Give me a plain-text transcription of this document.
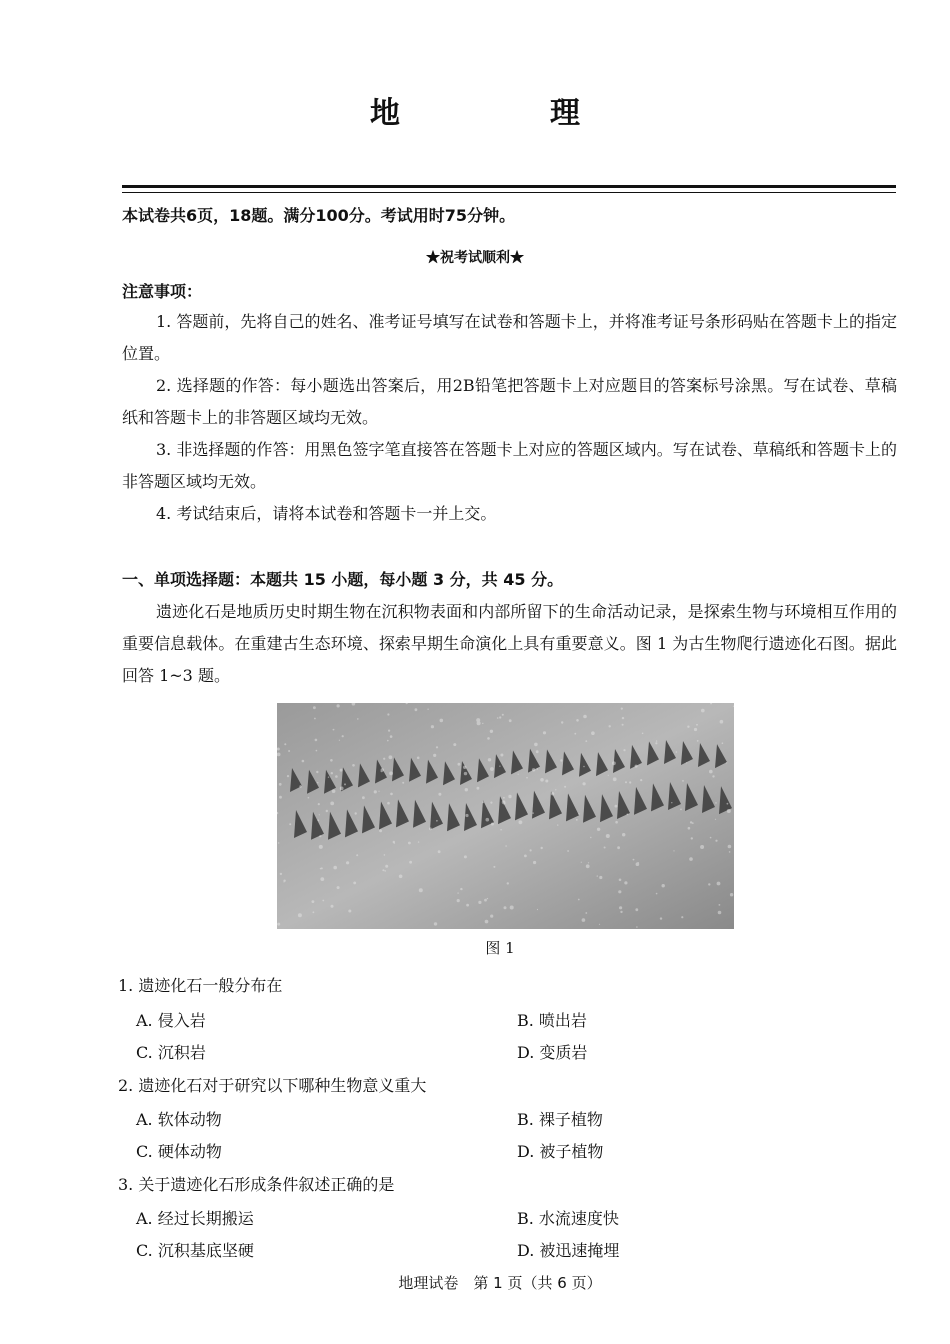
地　理
本试卷共6页，18题。满分100分。考试用时75分钟。
★祝考试顺利★
注意事项：

1. 答题前，先将自己的姓名、准考证号填写在试卷和答题卡上，并将准考证号条形码贴在答题卡上的指定位置。

2. 选择题的作答：每小题选出答案后，用2B铅笔把答题卡上对应题目的答案标号涂黑。写在试卷、草稿纸和答题卡上的非答题区域均无效。

3. 非选择题的作答：用黑色签字笔直接答在答题卡上对应的答题区域内。写在试卷、草稿纸和答题卡上的非答题区域均无效。

4. 考试结束后，请将本试卷和答题卡一并上交。

一、单项选择题：本题共 15 小题，每小题 3 分，共 45 分。

遗迹化石是地质历史时期生物在沉积物表面和内部所留下的生命活动记录，是探索生物与环境相互作用的重要信息载体。在重建古生态环境、探索早期生命演化上具有重要意义。图 1 为古生物爬行遗迹化石图。据此回答 1~3 题。

图 1
1. 遗迹化石一般分布在
A. 侵入岩	B. 喷出岩
C. 沉积岩	D. 变质岩
2. 遗迹化石对于研究以下哪种生物意义重大
A. 软体动物	B. 裸子植物
C. 硬体动物	D. 被子植物
3. 关于遗迹化石形成条件叙述正确的是
A. 经过长期搬运	B. 水流速度快
C. 沉积基底坚硬	D. 被迅速掩埋
地理试卷　第 1 页（共 6 页）
